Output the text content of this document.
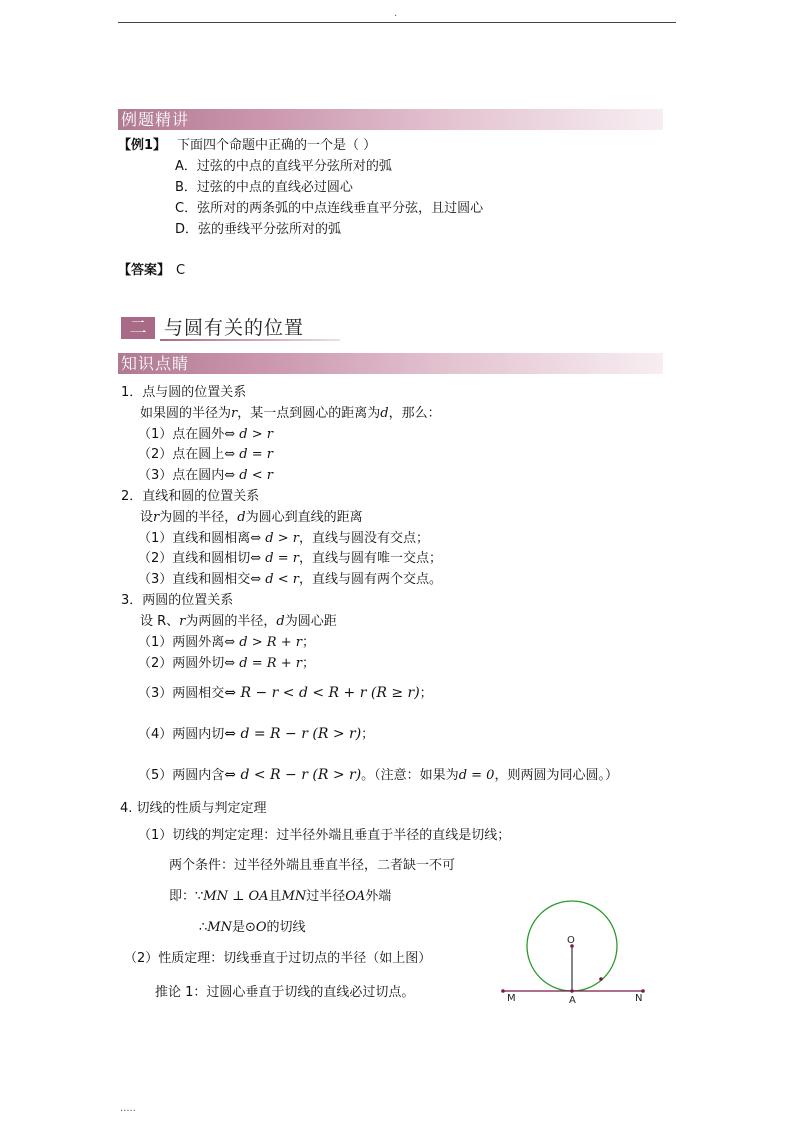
.
例题精讲
【例1】 下面四个命题中正确的一个是（ ）
A．过弦的中点的直线平分弦所对的弧
B．过弦的中点的直线必过圆心
C．弦所对的两条弧的中点连线垂直平分弦，且过圆心
D．弦的垂线平分弦所对的弧
【答案】 C
二 与圆有关的位置
知识点睛
1．点与圆的位置关系
如果圆的半径为r，某一点到圆心的距离为d，那么：
（1）点在圆外⇔ d > r
（2）点在圆上⇔ d = r
（3）点在圆内⇔ d < r
2．直线和圆的位置关系
设r为圆的半径，d为圆心到直线的距离
（1）直线和圆相离⇔ d > r，直线与圆没有交点；
（2）直线和圆相切⇔ d = r，直线与圆有唯一交点；
（3）直线和圆相交⇔ d < r，直线与圆有两个交点。
3．两圆的位置关系
设 R、r为两圆的半径，d为圆心距
（1）两圆外离⇔ d > R + r；
（2）两圆外切⇔ d = R + r；
（3）两圆相交⇔ R − r < d < R + r (R ≥ r)；
（4）两圆内切⇔ d = R − r (R > r)；
（5）两圆内含⇔ d < R − r (R > r)。（注意：如果为d = 0，则两圆为同心圆。）
4. 切线的性质与判定定理
（1）切线的判定定理：过半径外端且垂直于半径的直线是切线；
两个条件：过半径外端且垂直半径，二者缺一不可
即：∵MN ⊥ OA且MN过半径OA外端
∴MN是⊙O的切线
（2）性质定理：切线垂直于过切点的半径（如上图）
推论 1：过圆心垂直于切线的直线必过切点。
O
A
M	N
.....
